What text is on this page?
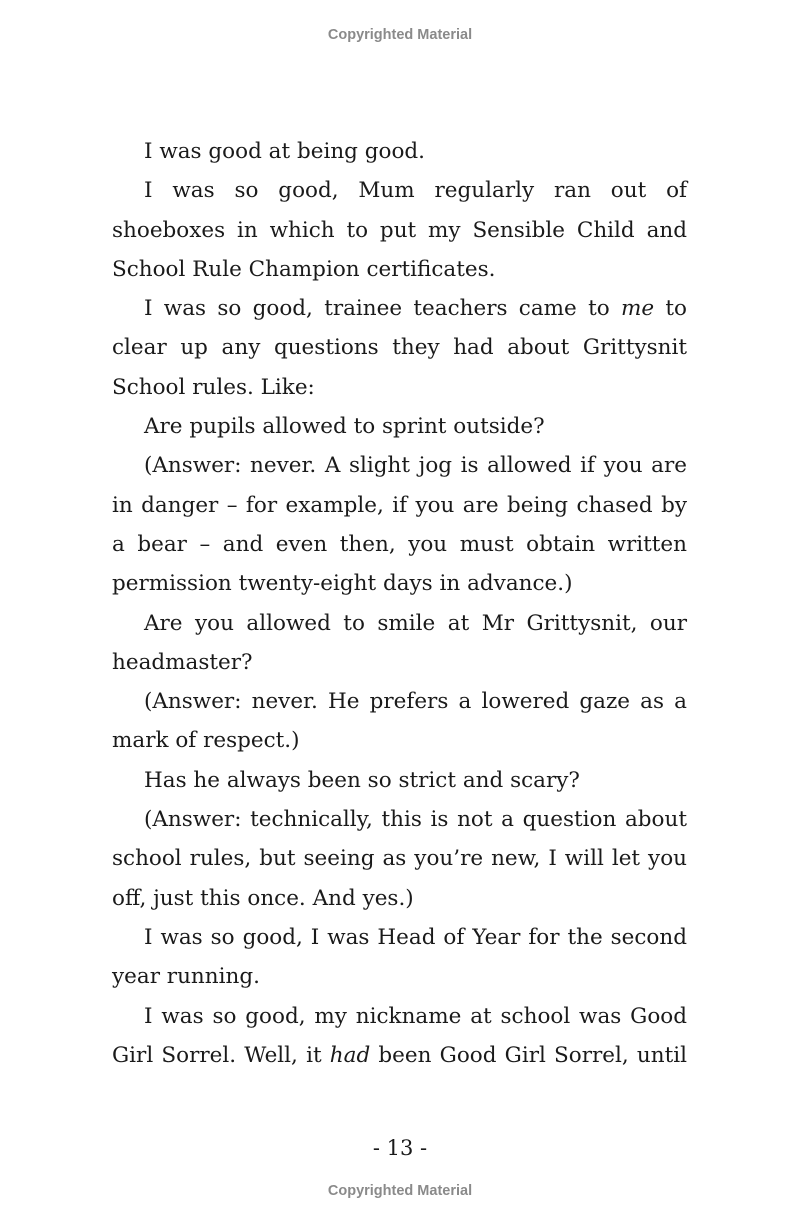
Copyrighted Material

I was good at being good.

I was so good, Mum regularly ran out of shoeboxes in which to put my Sensible Child and School Rule Champion certificates.

I was so good, trainee teachers came to me to clear up any questions they had about Grittysnit School rules. Like:

Are pupils allowed to sprint outside?

(Answer: never. A slight jog is allowed if you are in danger – for example, if you are being chased by a bear – and even then, you must obtain written permission twenty-eight days in advance.)

Are you allowed to smile at Mr Grittysnit, our headmaster?

(Answer: never. He prefers a lowered gaze as a mark of respect.)

Has he always been so strict and scary?

(Answer: technically, this is not a question about school rules, but seeing as you’re new, I will let you off, just this once. And yes.)

I was so good, I was Head of Year for the second year running.

I was so good, my nickname at school was Good Girl Sorrel. Well, it had been Good Girl Sorrel, until

- 13 -
Copyrighted Material
